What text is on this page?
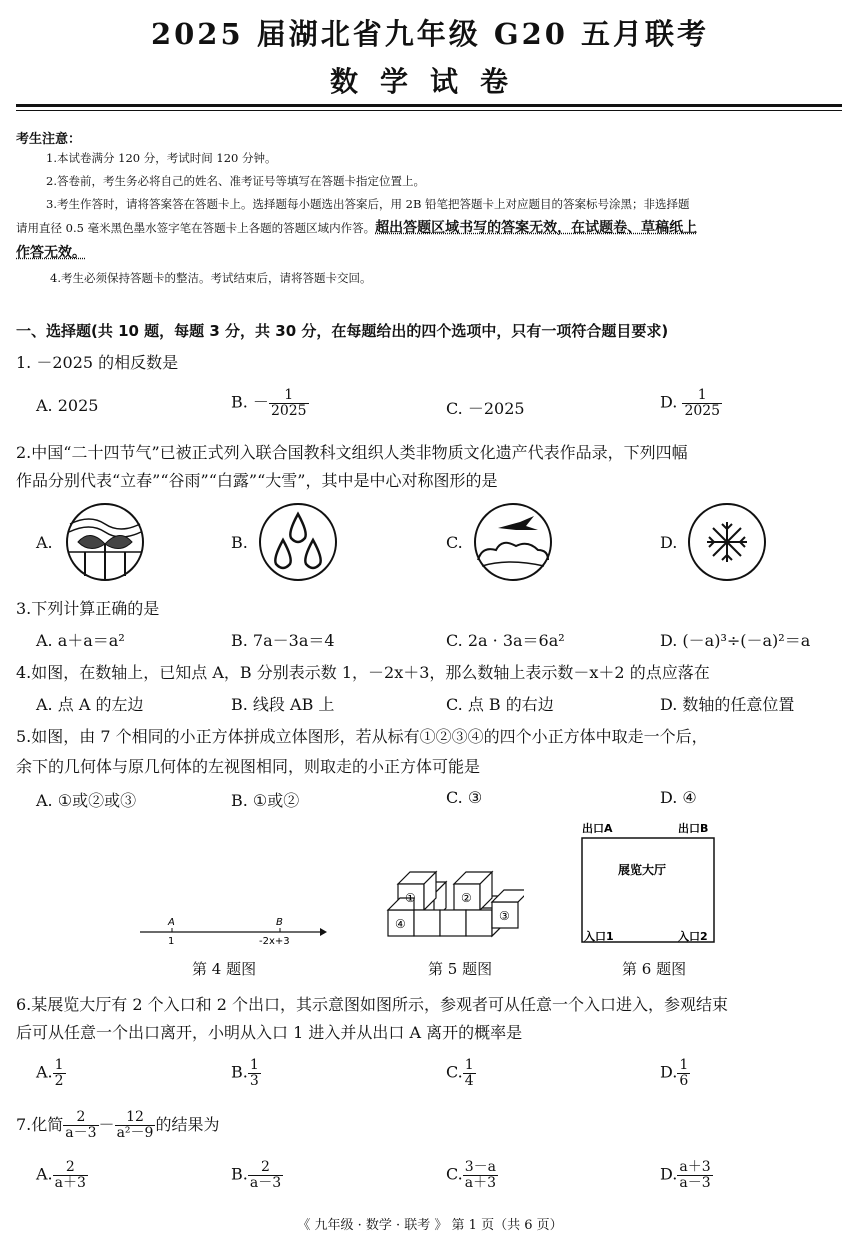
2025 届湖北省九年级 G20 五月联考
数学试卷
考生注意：
1.本试卷满分 120 分，考试时间 120 分钟。
2.答卷前，考生务必将自己的姓名、准考证号等填写在答题卡指定位置上。
3.考生作答时，请将答案答在答题卡上。选择题每小题选出答案后，用 2B 铅笔把答题卡上对应题目的答案标号涂黑；非选择题
请用直径 0.5 毫米黑色墨水签字笔在答题卡上各题的答题区域内作答。超出答题区域书写的答案无效，在试题卷、草稿纸上
作答无效。
4.考生必须保持答题卡的整洁。考试结束后，请将答题卡交回。
一、选择题(共 10 题，每题 3 分，共 30 分，在每题给出的四个选项中，只有一项符合题目要求)
1. －2025 的相反数是
A. 2025	B. － $\frac{1}{2025}$	C. －2025	D. $\frac{1}{2025}$
2.中国“二十四节气”已被正式列入联合国教科文组织人类非物质文化遗产代表作品录，下列四幅
作品分别代表“立春”“谷雨”“白露”“大雪”，其中是中心对称图形的是
A.	B.	C.	D.
3.下列计算正确的是
A. a＋a＝a²	B. 7a－3a＝4	C. 2a · 3a＝6a²	D. (－a)³÷(－a)²＝a
4.如图，在数轴上，已知点 A，B 分别表示数 1，－2x＋3，那么数轴上表示数－x＋2 的点应落在
A. 点 A 的左边	B. 线段 AB 上	C. 点 B 的右边	D. 数轴的任意位置
5.如图，由 7 个相同的小正方体拼成立体图形，若从标有①②③④的四个小正方体中取走一个后，
余下的几何体与原几何体的左视图相同，则取走的小正方体可能是
A. ①或②或③	B. ①或②	C. ③	D. ④
A	B
1	-2x+3
第 4 题图
①	②
③
④
第 5 题图
出口A	出口B
展览大厅
入口1	入口2
第 6 题图
6.某展览大厅有 2 个入口和 2 个出口，其示意图如图所示，参观者可从任意一个入口进入，参观结束
后可从任意一个出口离开，小明从入口 1 进入并从出口 A 离开的概率是
A. $\frac{1}{2}$	B. $\frac{1}{3}$	C. $\frac{1}{4}$	D. $\frac{1}{6}$
7.化简 $\frac{2}{a-3} - \frac{12}{\text{a²－9}}$ 的结果为
A. $\frac{2}{a+3}$	B. $\frac{2}{a-3}$	C. $\frac{3-a}{a+3}$	D. $\frac{a+3}{a-3}$
《 九年级 · 数学 · 联考 》 第 1 页（共 6 页）
